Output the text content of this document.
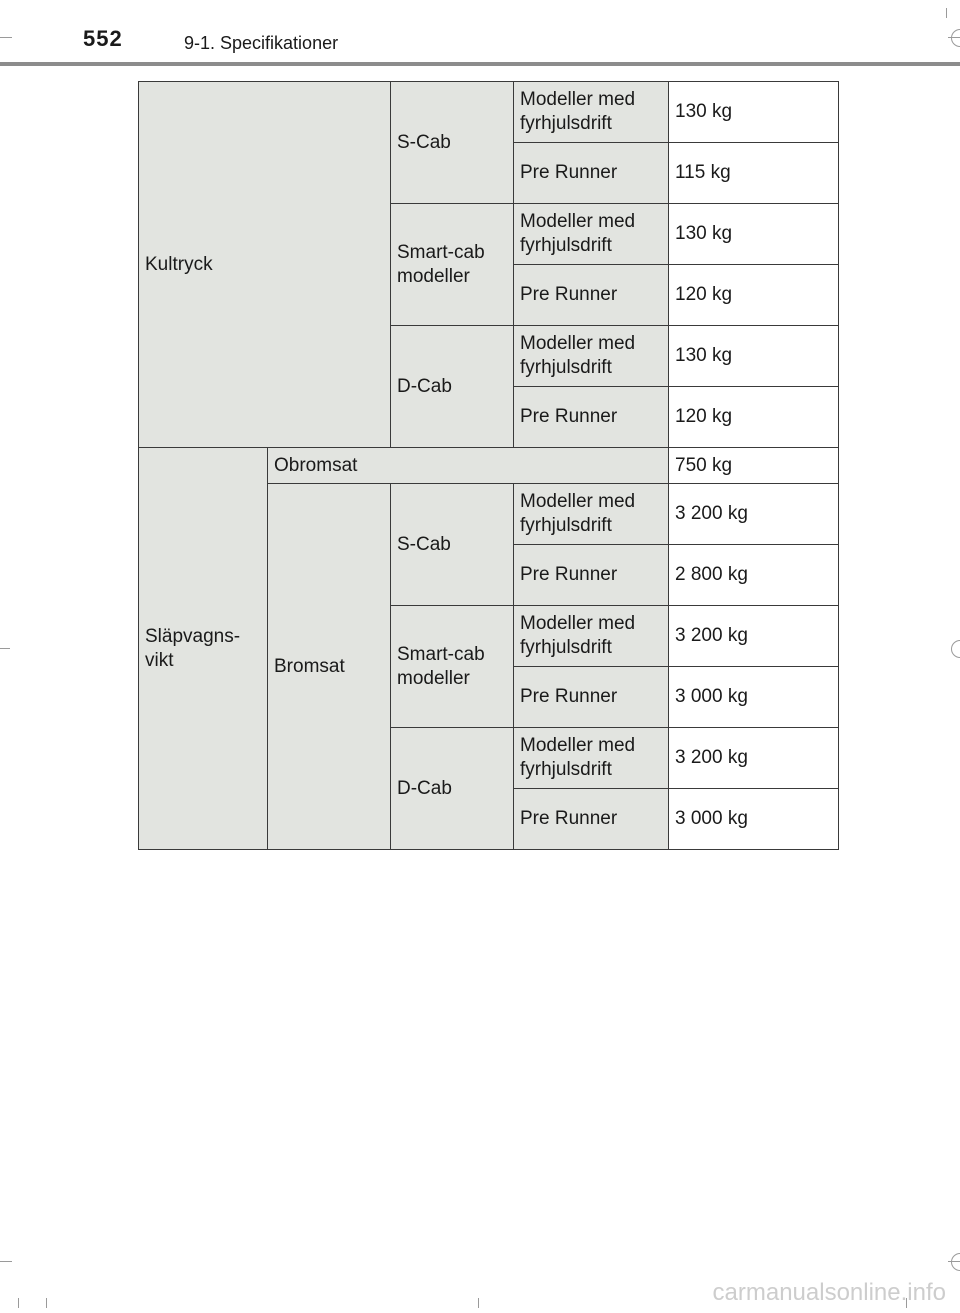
552	9-1. Specifikationer
Kultryck		S-Cab	Modeller med fyrhjulsdrift	130 kg
			Pre Runner	115 kg
		Smart-cab modeller	Modeller med fyrhjulsdrift	130 kg
			Pre Runner	120 kg
		D-Cab	Modeller med fyrhjulsdrift	130 kg
			Pre Runner	120 kg
Släpvagns-
vikt	Obromsat			750 kg
	Bromsat	S-Cab	Modeller med fyrhjulsdrift	3 200 kg
			Pre Runner	2 800 kg
		Smart-cab modeller	Modeller med fyrhjulsdrift	3 200 kg
			Pre Runner	3 000 kg
		D-Cab	Modeller med fyrhjulsdrift	3 200 kg
			Pre Runner	3 000 kg
carmanualsonline.info
